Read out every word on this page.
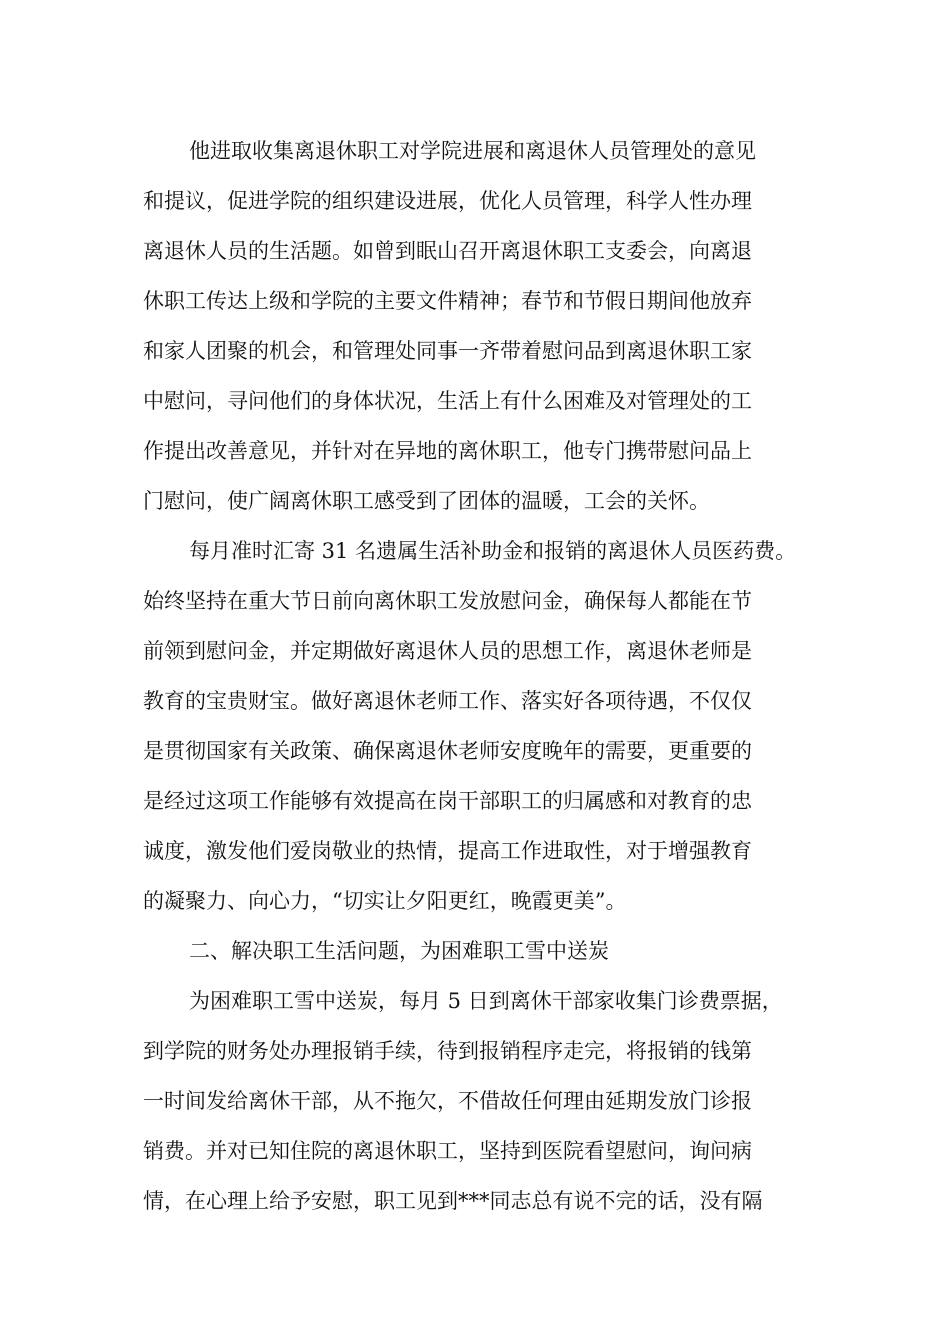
他进取收集离退休职工对学院进展和离退休人员管理处的意见
和提议，促进学院的组织建设进展，优化人员管理，科学人性办理
离退休人员的生活题。如曾到眠山召开离退休职工支委会，向离退
休职工传达上级和学院的主要文件精神；春节和节假日期间他放弃
和家人团聚的机会，和管理处同事一齐带着慰问品到离退休职工家
中慰问，寻问他们的身体状况，生活上有什么困难及对管理处的工
作提出改善意见，并针对在异地的离休职工，他专门携带慰问品上
门慰问，使广阔离休职工感受到了团体的温暖，工会的关怀。
每月准时汇寄 31 名遗属生活补助金和报销的离退休人员医药费。
始终坚持在重大节日前向离休职工发放慰问金，确保每人都能在节
前领到慰问金，并定期做好离退休人员的思想工作，离退休老师是
教育的宝贵财宝。做好离退休老师工作、落实好各项待遇，不仅仅
是贯彻国家有关政策、确保离退休老师安度晚年的需要，更重要的
是经过这项工作能够有效提高在岗干部职工的归属感和对教育的忠
诚度，激发他们爱岗敬业的热情，提高工作进取性，对于增强教育
的凝聚力、向心力，“切实让夕阳更红，晚霞更美”。
二、解决职工生活问题，为困难职工雪中送炭
为困难职工雪中送炭，每月 5 日到离休干部家收集门诊费票据，
到学院的财务处办理报销手续，待到报销程序走完，将报销的钱第
一时间发给离休干部，从不拖欠，不借故任何理由延期发放门诊报
销费。并对已知住院的离退休职工，坚持到医院看望慰问，询问病
情，在心理上给予安慰，职工见到***同志总有说不完的话，没有隔
